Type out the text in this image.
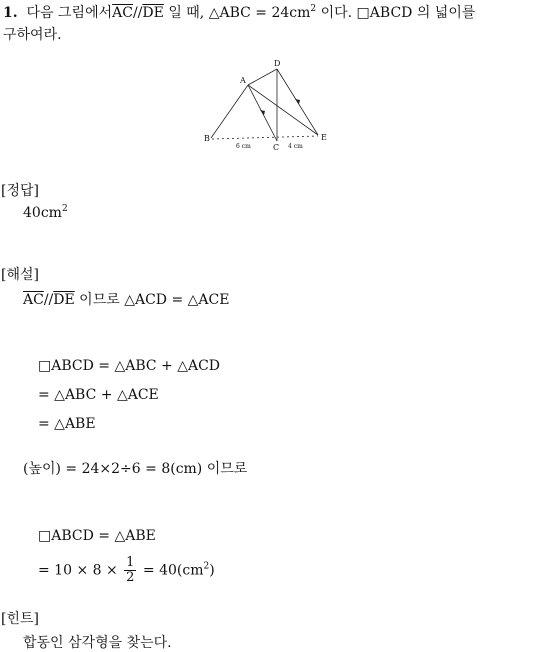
1. 다음 그림에서$\overline{AC}//\overline{DE}$ 일 때, △ABC = $24cm^2$ 이다. □ABCD 의 넓이를
구하여라.
A
D
B
C
E
6 cm	4 cm
[정답]
$40cm^2$
[해설]
$\overline{AC}//\overline{DE}$ 이므로 △ACD = △ACE
□ABCD = △ABC + △ACD
= △ABC + △ACE
= △ABE
(높이) = 24×2÷6 = 8(cm) 이므로
□ABCD = △ABE
= $10 \times 8 \times \frac{1}{2} = 40(cm^2)$
[힌트]
합동인 삼각형을 찾는다.
